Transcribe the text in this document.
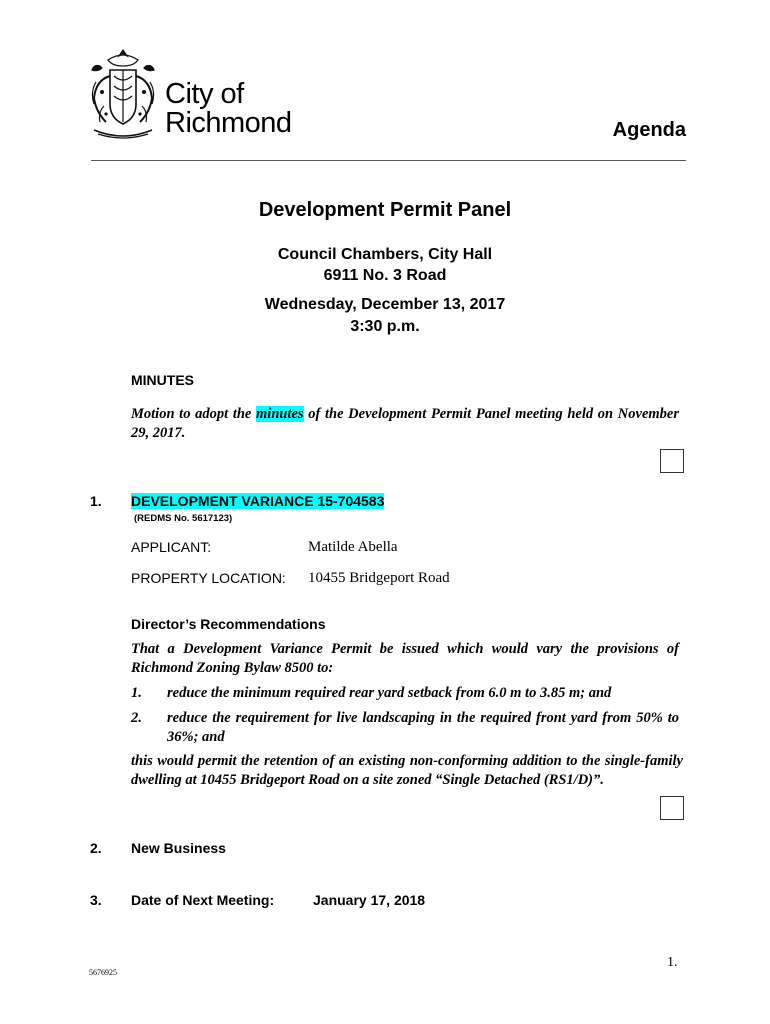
City of
Richmond	Agenda
Development Permit Panel
Council Chambers, City Hall
6911 No. 3 Road
Wednesday, December 13, 2017
3:30 p.m.
MINUTES
Motion to adopt the minutes of the Development Permit Panel meeting held on November 29, 2017.
1. DEVELOPMENT VARIANCE 15-704583
(REDMS No. 5617123)
APPLICANT:	Matilde Abella
PROPERTY LOCATION: 10455 Bridgeport Road
Director’s Recommendations
That a Development Variance Permit be issued which would vary the provisions of Richmond Zoning Bylaw 8500 to:
1. reduce the minimum required rear yard setback from 6.0 m to 3.85 m; and
2. reduce the requirement for live landscaping in the required front yard from 50% to 36%; and
this would permit the retention of an existing non-conforming addition to the single-family dwelling at 10455 Bridgeport Road on a site zoned “Single Detached (RS1/D)”.
2. New Business
3. Date of Next Meeting:	January 17, 2018
1.
5676925
